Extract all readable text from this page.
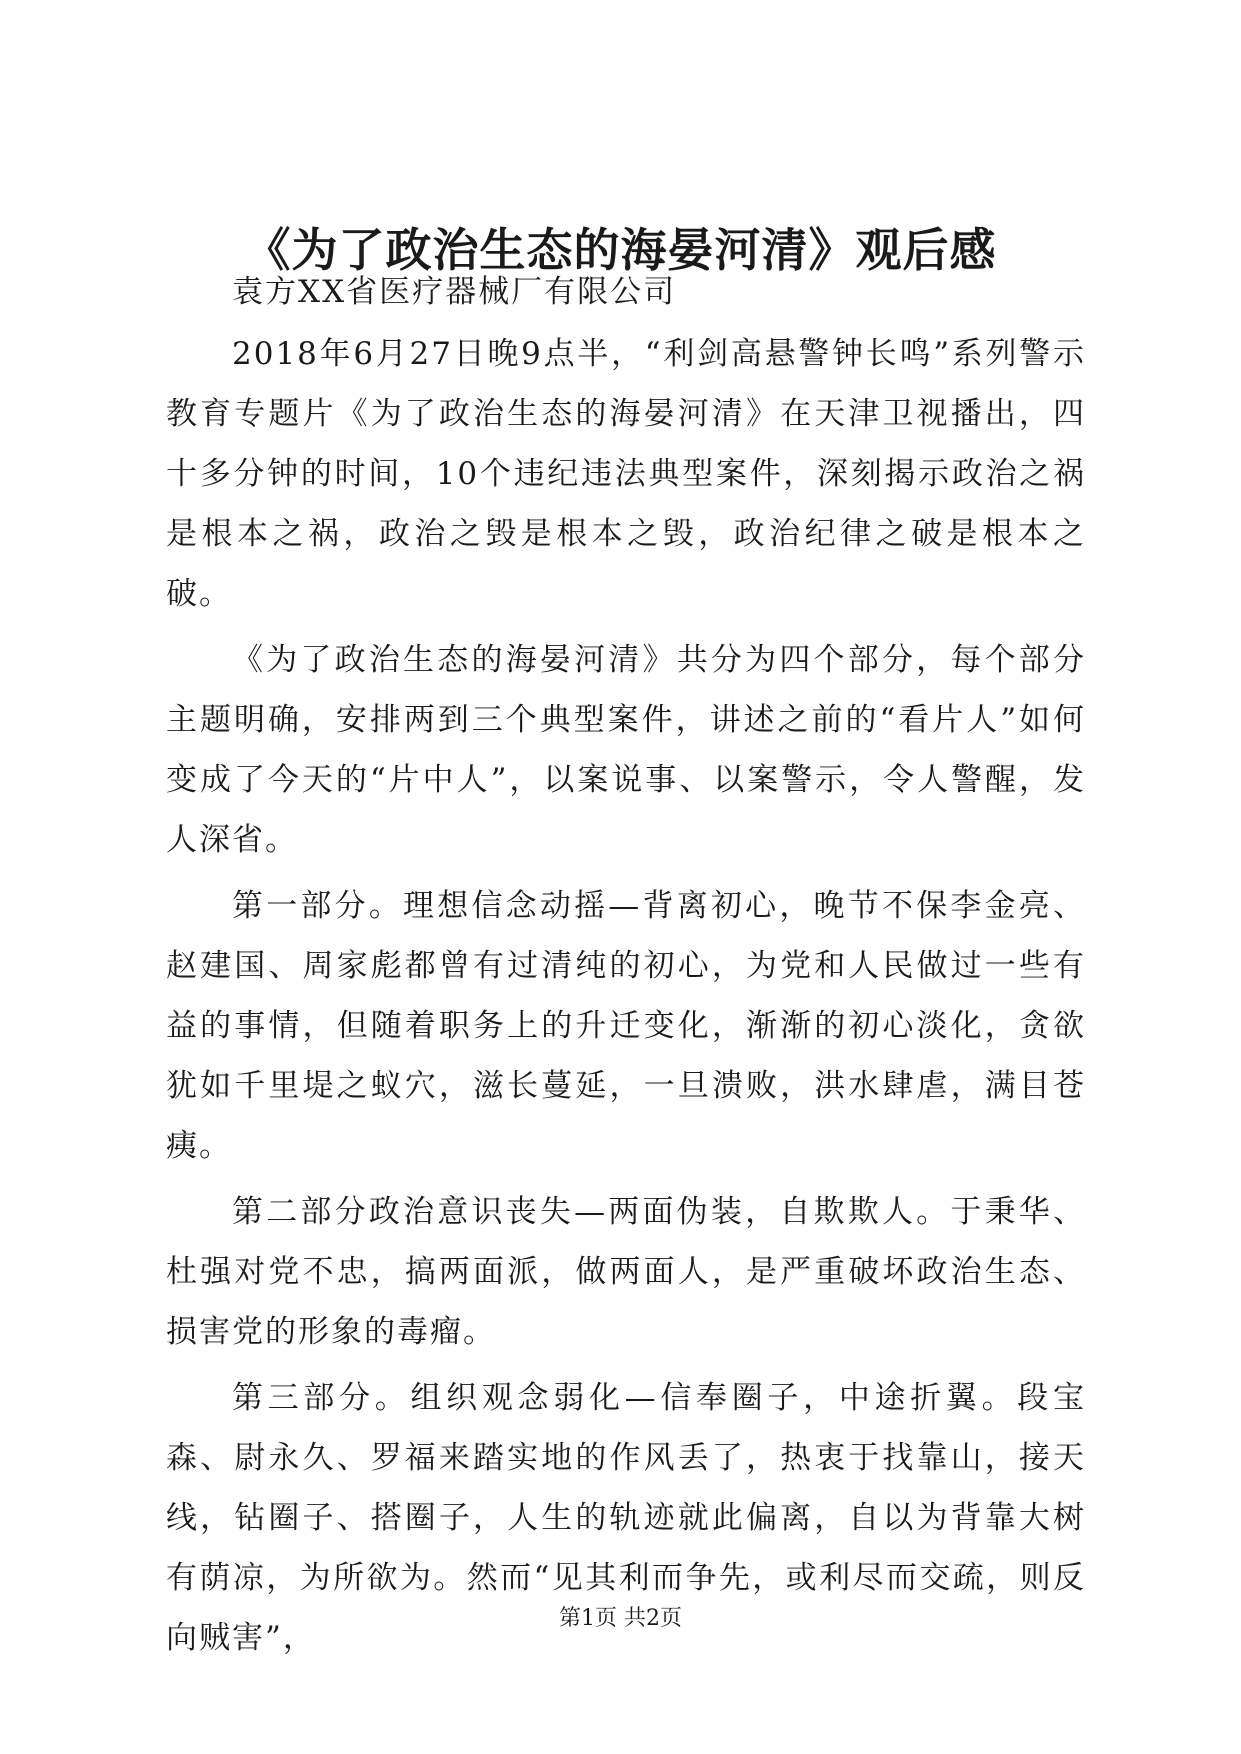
《为了政治生态的海晏河清》观后感

袁方XX省医疗器械厂有限公司

2018年6月27日晚9点半，“利剑高悬警钟长鸣”系列警示教育专题片《为了政治生态的海晏河清》在天津卫视播出，四十多分钟的时间，10个违纪违法典型案件，深刻揭示政治之祸是根本之祸，政治之毁是根本之毁，政治纪律之破是根本之破。

《为了政治生态的海晏河清》共分为四个部分，每个部分主题明确，安排两到三个典型案件，讲述之前的“看片人”如何变成了今天的“片中人”，以案说事、以案警示，令人警醒，发人深省。

第一部分。理想信念动摇—背离初心，晚节不保李金亮、赵建国、周家彪都曾有过清纯的初心，为党和人民做过一些有益的事情，但随着职务上的升迁变化，渐渐的初心淡化，贪欲犹如千里堤之蚁穴，滋长蔓延，一旦溃败，洪水肆虐，满目苍痍。

第二部分政治意识丧失—两面伪装，自欺欺人。于秉华、杜强对党不忠，搞两面派，做两面人，是严重破坏政治生态、损害党的形象的毒瘤。

第三部分。组织观念弱化—信奉圈子，中途折翼。段宝森、尉永久、罗福来踏实地的作风丢了，热衷于找靠山，接天线，钻圈子、搭圈子，人生的轨迹就此偏离，自以为背靠大树有荫凉，为所欲为。然而“见其利而争先，或利尽而交疏，则反向贼害”，

第1页 共2页
